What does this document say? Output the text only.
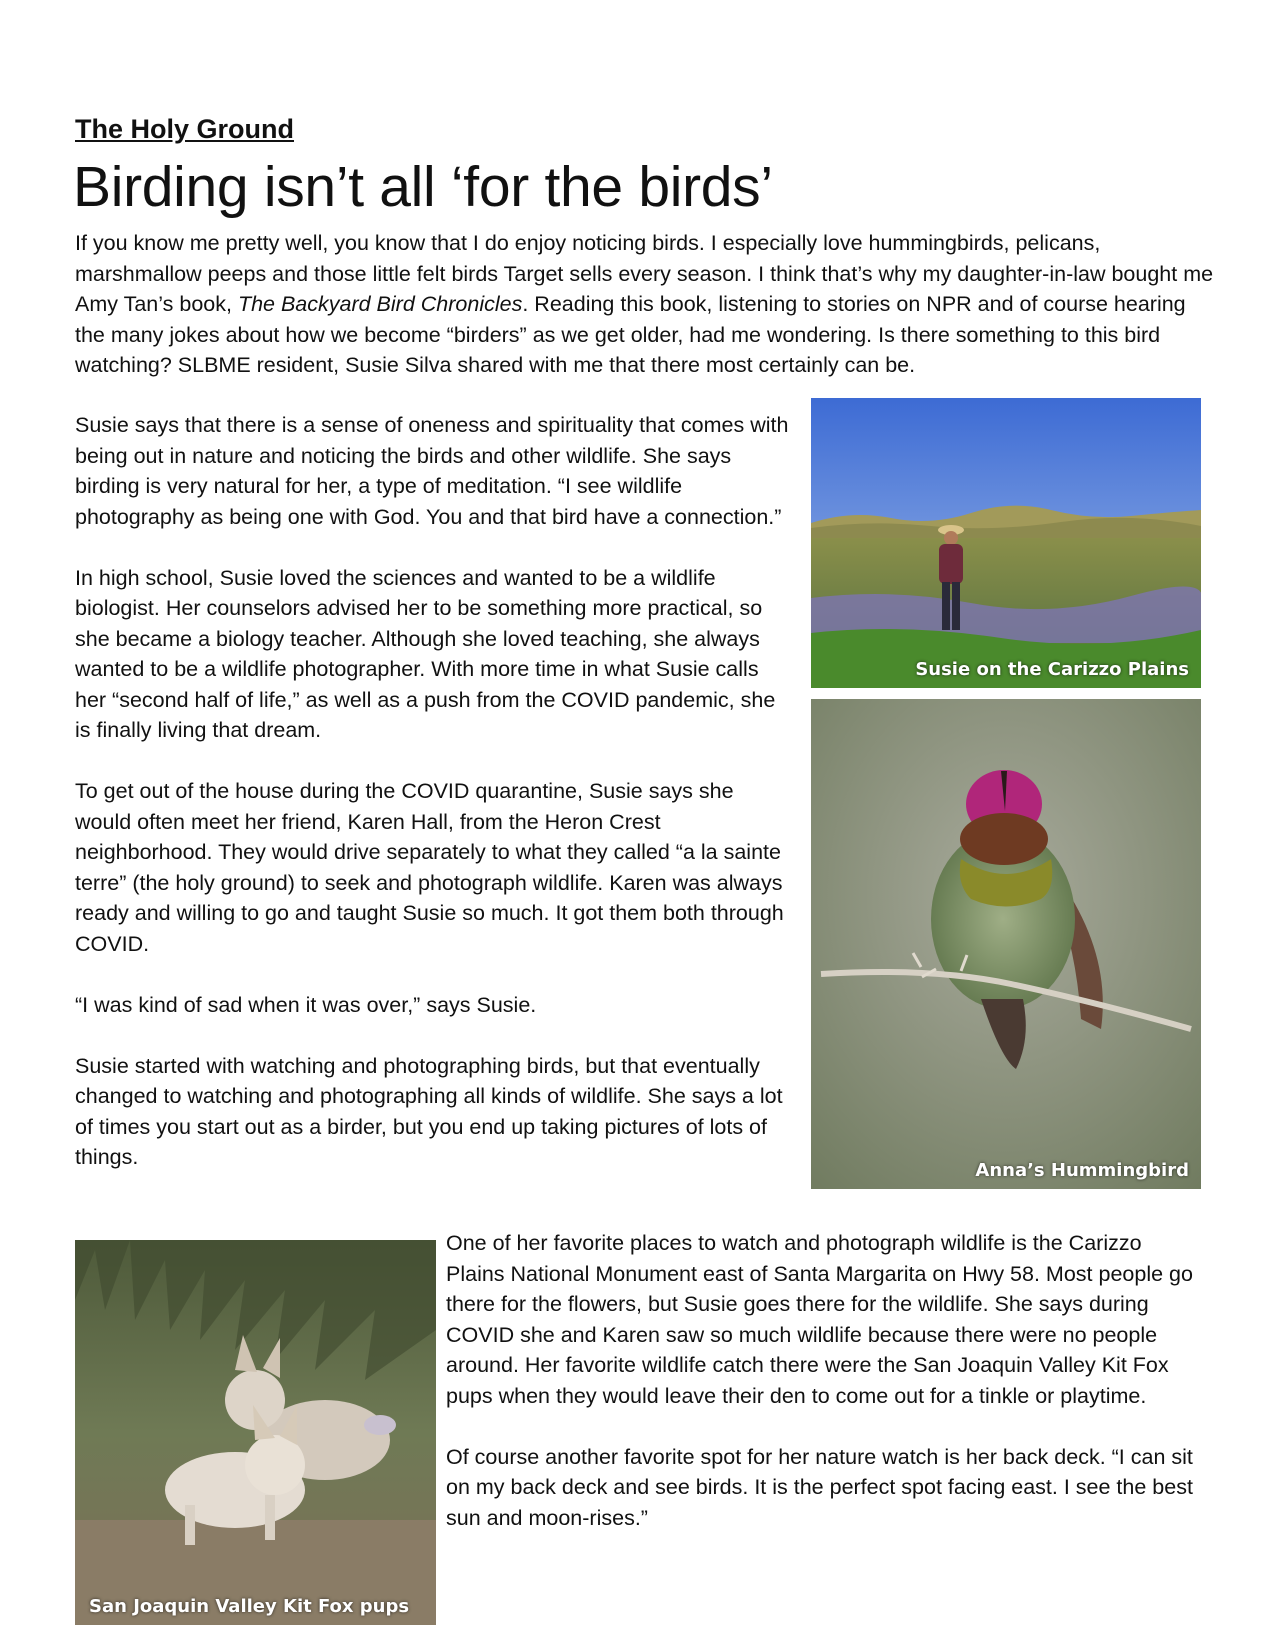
The Holy Ground
Birding isn’t all ‘for the birds’

If you know me pretty well, you know that I do enjoy noticing birds. I especially love hummingbirds, pelicans, marshmallow peeps and those little felt birds Target sells every season. I think that’s why my daughter-in-law bought me Amy Tan’s book, The Backyard Bird Chronicles. Reading this book, listening to stories on NPR and of course hearing the many jokes about how we become “birders” as we get older, had me wondering. Is there something to this bird watching? SLBME resident, Susie Silva shared with me that there most certainly can be.

Susie says that there is a sense of oneness and spirituality that comes with being out in nature and noticing the birds and other wildlife. She says birding is very natural for her, a type of meditation. “I see wildlife photography as being one with God. You and that bird have a connection.”

In high school, Susie loved the sciences and wanted to be a wildlife biologist. Her counselors advised her to be something more practical, so she became a biology teacher. Although she loved teaching, she always wanted to be a wildlife photographer. With more time in what Susie calls her “second half of life,” as well as a push from the COVID pandemic, she is finally living that dream.

To get out of the house during the COVID quarantine, Susie says she would often meet her friend, Karen Hall, from the Heron Crest neighborhood. They would drive separately to what they called “a la sainte terre” (the holy ground) to seek and photograph wildlife. Karen was always ready and willing to go and taught Susie so much. It got them both through COVID.

“I was kind of sad when it was over,” says Susie.

Susie started with watching and photographing birds, but that eventually changed to watching and photographing all kinds of wildlife. She says a lot of times you start out as a birder, but you end up taking pictures of lots of things.

One of her favorite places to watch and photograph wildlife is the Carizzo Plains National Monument east of Santa Margarita on Hwy 58. Most people go there for the flowers, but Susie goes there for the wildlife. She says during COVID she and Karen saw so much wildlife because there were no people around. Her favorite wildlife catch there were the San Joaquin Valley Kit Fox pups when they would leave their den to come out for a tinkle or playtime.

Of course another favorite spot for her nature watch is her back deck. “I can sit on my back deck and see birds. It is the perfect spot facing east. I see the best sun and moon-rises.”

Susie on the Carizzo Plains
Anna’s Hummingbird
San Joaquin Valley Kit Fox pups
